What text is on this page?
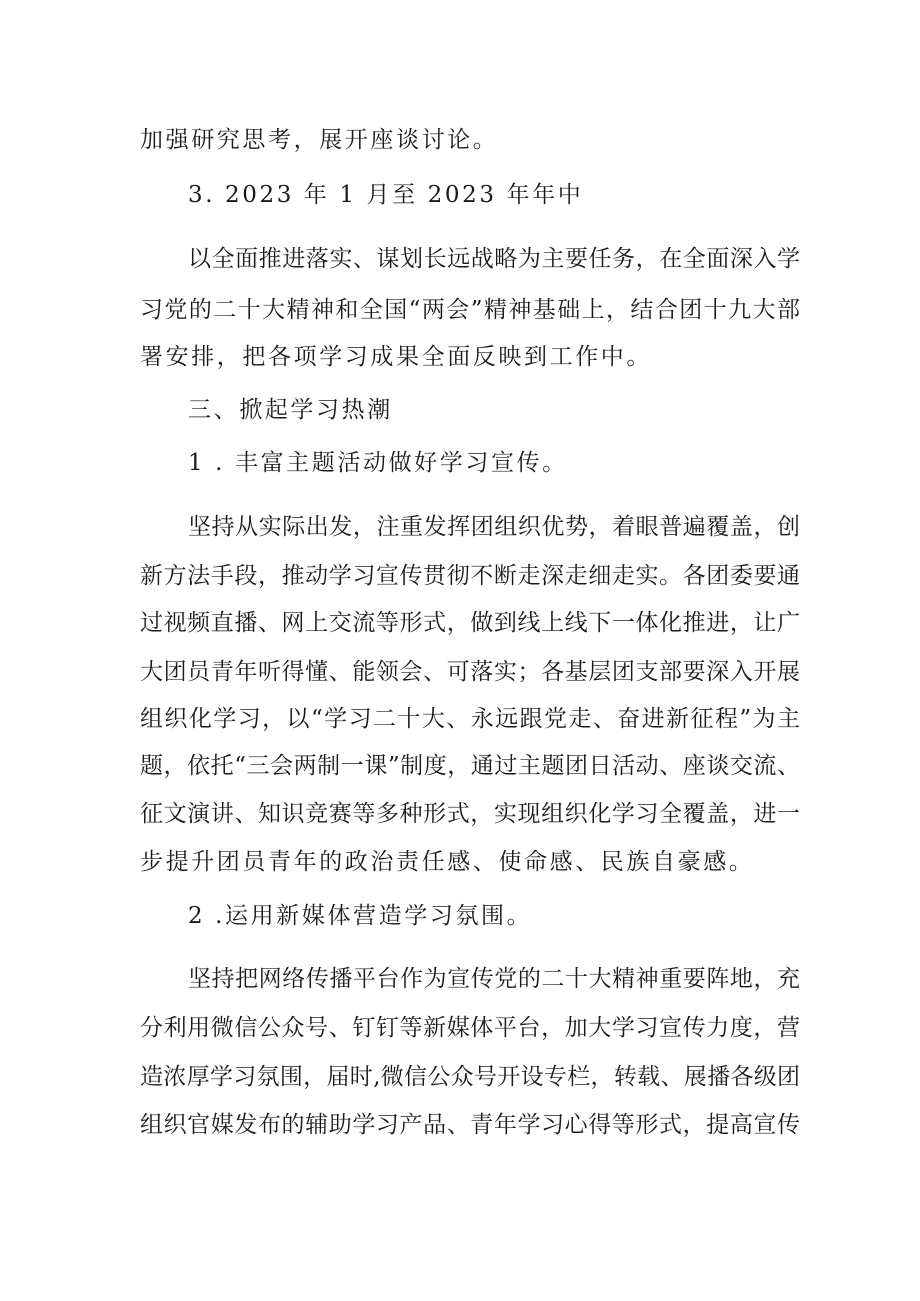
加强研究思考，展开座谈讨论。
3. 2023 年 1 月至 2023 年年中
以全面推进落实、谋划长远战略为主要任务，在全面深入学
习党的二十大精神和全国“两会”精神基础上，结合团十九大部
署安排，把各项学习成果全面反映到工作中。
三、掀起学习热潮
1 . 丰富主题活动做好学习宣传。
坚持从实际出发，注重发挥团组织优势，着眼普遍覆盖，创
新方法手段，推动学习宣传贯彻不断走深走细走实。各团委要通
过视频直播、网上交流等形式，做到线上线下一体化推进，让广
大团员青年听得懂、能领会、可落实；各基层团支部要深入开展
组织化学习，以“学习二十大、永远跟党走、奋进新征程”为主
题，依托“三会两制一课”制度，通过主题团日活动、座谈交流、
征文演讲、知识竞赛等多种形式，实现组织化学习全覆盖，进一
步提升团员青年的政治责任感、使命感、民族自豪感。
2 .运用新媒体营造学习氛围。
坚持把网络传播平台作为宣传党的二十大精神重要阵地，充
分利用微信公众号、钉钉等新媒体平台，加大学习宣传力度，营
造浓厚学习氛围，届时,微信公众号开设专栏，转载、展播各级团
组织官媒发布的辅助学习产品、青年学习心得等形式，提高宣传
